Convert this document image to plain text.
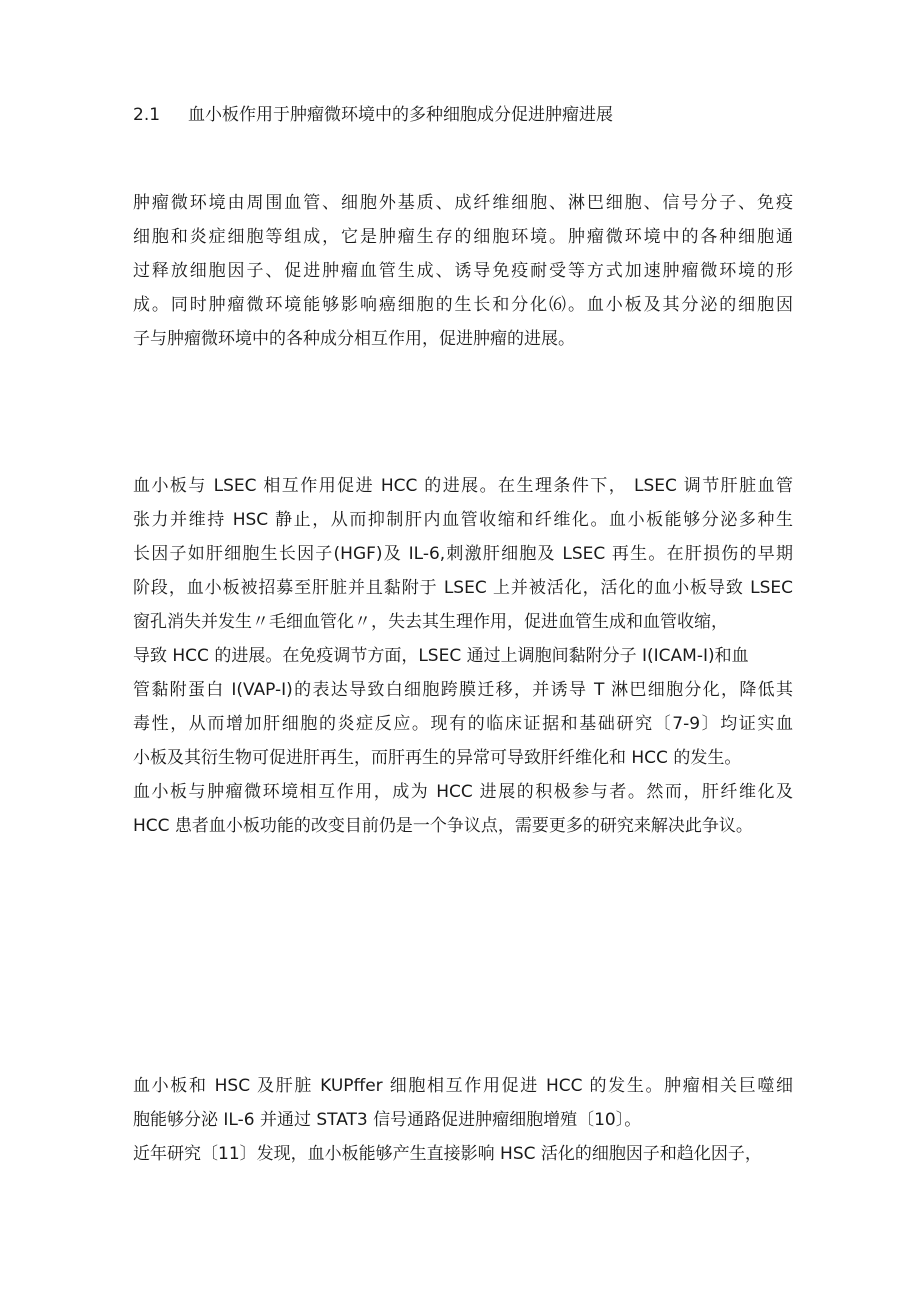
2.1 血小板作用于肿瘤微环境中的多种细胞成分促进肿瘤进展
肿瘤微环境由周围血管、细胞外基质、成纤维细胞、淋巴细胞、信号分子、免疫
细胞和炎症细胞等组成，它是肿瘤生存的细胞环境。肿瘤微环境中的各种细胞通
过释放细胞因子、促进肿瘤血管生成、诱导免疫耐受等方式加速肿瘤微环境的形
成。同时肿瘤微环境能够影响癌细胞的生长和分化⑹。血小板及其分泌的细胞因
子与肿瘤微环境中的各种成分相互作用，促进肿瘤的进展。
血小板与 LSEC 相互作用促进 HCC 的进展。在生理条件下， LSEC 调节肝脏血管
张力并维持 HSC 静止，从而抑制肝内血管收缩和纤维化。血小板能够分泌多种生
长因子如肝细胞生长因子(HGF)及 IL-6,刺激肝细胞及 LSEC 再生。在肝损伤的早期
阶段，血小板被招募至肝脏并且黏附于 LSEC 上并被活化，活化的血小板导致 LSEC
窗孔消失并发生〃毛细血管化〃，失去其生理作用，促进血管生成和血管收缩，
导致 HCC 的进展。在免疫调节方面，LSEC 通过上调胞间黏附分子 I(ICAM-I)和血
管黏附蛋白 I(VAP-I)的表达导致白细胞跨膜迁移，并诱导 T 淋巴细胞分化，降低其
毒性，从而增加肝细胞的炎症反应。现有的临床证据和基础研究〔7-9〕均证实血
小板及其衍生物可促进肝再生，而肝再生的异常可导致肝纤维化和 HCC 的发生。
血小板与肿瘤微环境相互作用，成为 HCC 进展的积极参与者。然而，肝纤维化及
HCC 患者血小板功能的改变目前仍是一个争议点，需要更多的研究来解决此争议。
血小板和 HSC 及肝脏 KUPffer 细胞相互作用促进 HCC 的发生。肿瘤相关巨噬细
胞能够分泌 IL-6 并通过 STAT3 信号通路促进肿瘤细胞增殖〔10〕。
近年研究〔11〕发现，血小板能够产生直接影响 HSC 活化的细胞因子和趋化因子，
